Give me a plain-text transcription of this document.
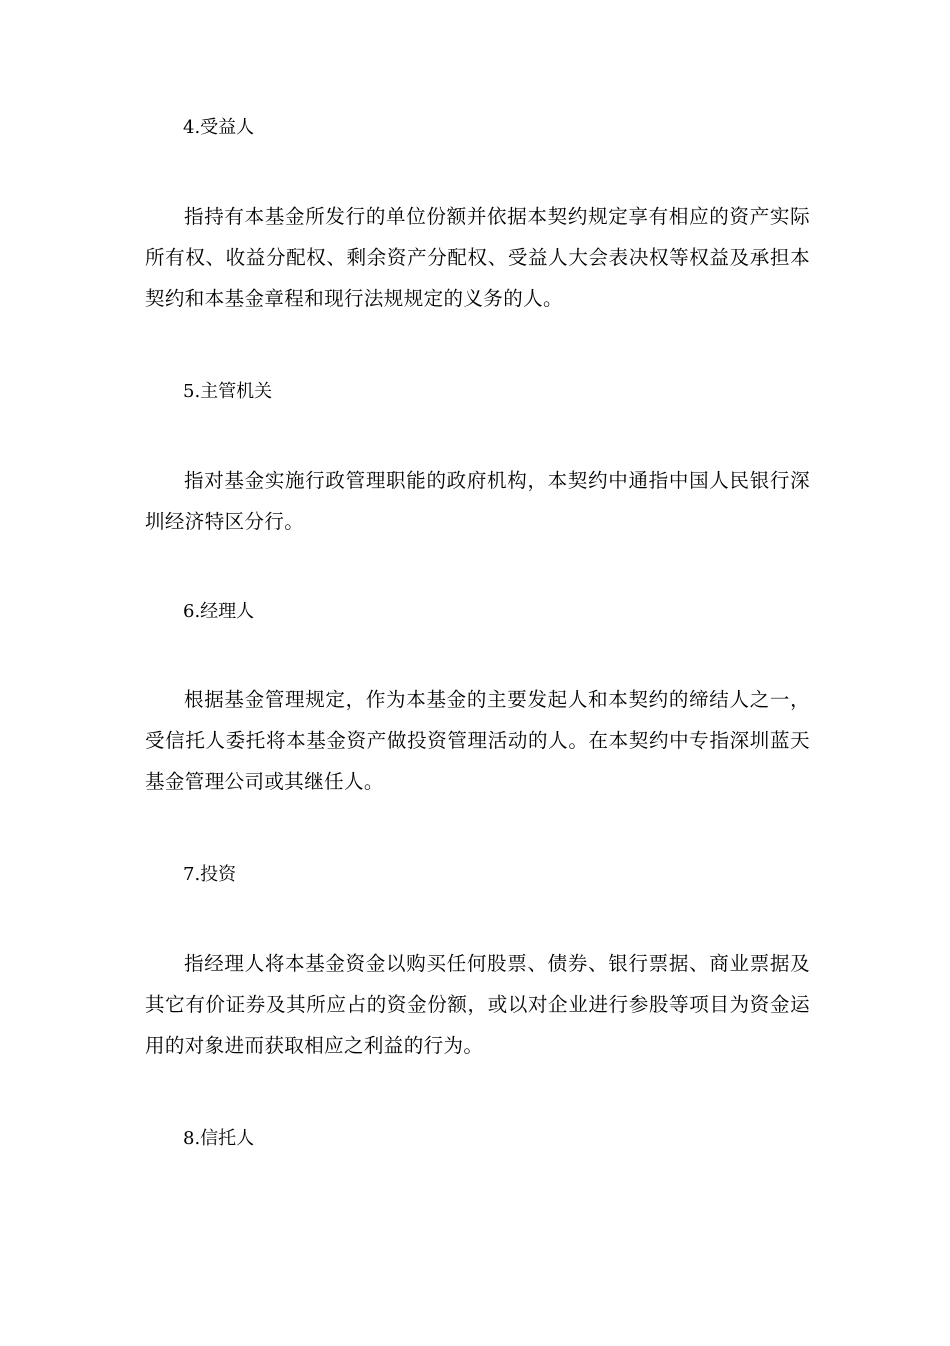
4.受益人
指持有本基金所发行的单位份额并依据本契约规定享有相应的资产实际所有权、收益分配权、剩余资产分配权、受益人大会表决权等权益及承担本契约和本基金章程和现行法规规定的义务的人。
5.主管机关
指对基金实施行政管理职能的政府机构，本契约中通指中国人民银行深圳经济特区分行。
6.经理人
根据基金管理规定，作为本基金的主要发起人和本契约的缔结人之一，受信托人委托将本基金资产做投资管理活动的人。在本契约中专指深圳蓝天基金管理公司或其继任人。
7.投资
指经理人将本基金资金以购买任何股票、债券、银行票据、商业票据及其它有价证券及其所应占的资金份额，或以对企业进行参股等项目为资金运用的对象进而获取相应之利益的行为。
8.信托人
